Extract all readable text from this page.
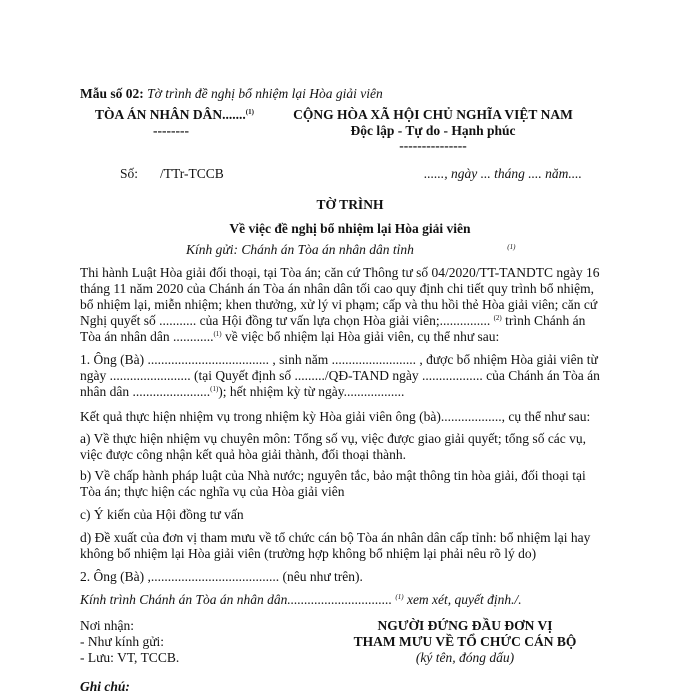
Mẫu số 02: Tờ trình đề nghị bổ nhiệm lại Hòa giải viên
TÒA ÁN NHÂN DÂN.......$^{(1)}$
--------
CỘNG HÒA XÃ HỘI CHỦ NGHĨA VIỆT NAM
Độc lập - Tự do - Hạnh phúc
---------------
Số: /TTr-TCCB	......, ngày ... tháng .... năm....
TỜ TRÌNH
Về việc đề nghị bổ nhiệm lại Hòa giải viên
Kính gửi: Chánh án Tòa án nhân dân tỉnh	$^{(1)}$
Thi hành Luật Hòa giải đối thoại, tại Tòa án; căn cứ Thông tư số 04/2020/TT-TANDTC ngày 16
tháng 11 năm 2020 của Chánh án Tòa án nhân dân tối cao quy định chi tiết quy trình bổ nhiệm,
bổ nhiệm lại, miễn nhiệm; khen thưởng, xử lý vi phạm; cấp và thu hồi thẻ Hòa giải viên; căn cứ
Nghị quyết số ........... của Hội đồng tư vấn lựa chọn Hòa giải viên;............... $^{(2)}$ trình Chánh án
Tòa án nhân dân ............$^{(1)}$ về việc bổ nhiệm lại Hòa giải viên, cụ thể như sau:
1. Ông (Bà) .................................... , sinh năm ......................... , được bổ nhiệm Hòa giải viên từ
ngày ........................ (tại Quyết định số ........./QĐ-TAND ngày .................. của Chánh án Tòa án
nhân dân .......................$^{(1)}$); hết nhiệm kỳ từ ngày..................
Kết quả thực hiện nhiệm vụ trong nhiệm kỳ Hòa giải viên ông (bà).................., cụ thể như sau:
a) Về thực hiện nhiệm vụ chuyên môn: Tổng số vụ, việc được giao giải quyết; tổng số các vụ,
việc được công nhận kết quả hòa giải thành, đối thoại thành.
b) Về chấp hành pháp luật của Nhà nước; nguyên tắc, bảo mật thông tin hòa giải, đối thoại tại
Tòa án; thực hiện các nghĩa vụ của Hòa giải viên
c) Ý kiến của Hội đồng tư vấn
d) Đề xuất của đơn vị tham mưu về tổ chức cán bộ Tòa án nhân dân cấp tỉnh: bổ nhiệm lại hay
không bổ nhiệm lại Hòa giải viên (trường hợp không bổ nhiệm lại phải nêu rõ lý do)
2. Ông (Bà) ,...................................... (nêu như trên).
Kính trình Chánh án Tòa án nhân dân............................... $^{(1)}$ xem xét, quyết định./.
Nơi nhận:
- Như kính gửi:
- Lưu: VT, TCCB.
NGƯỜI ĐỨNG ĐẦU ĐƠN VỊ
THAM MƯU VỀ TỔ CHỨC CÁN BỘ
(ký tên, đóng dấu)
Ghi chú:
